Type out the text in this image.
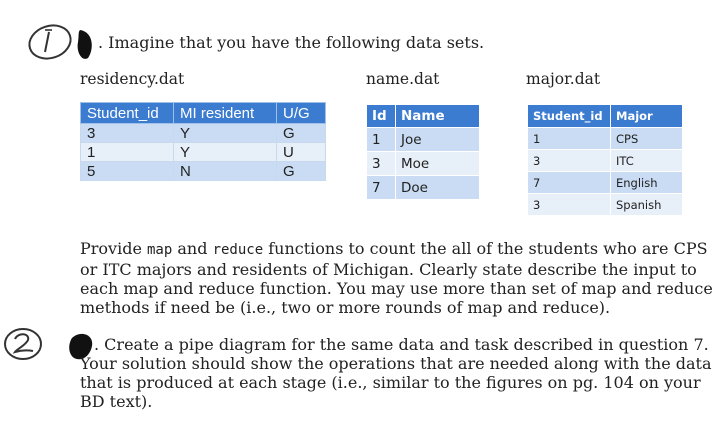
. Imagine that you have the following data sets.
residency.dat	name.dat	major.dat
Student_id	MI resident	U/G
3	Y	G
1	Y	U
5	N	G
Id	Name
1	Joe
3	Moe
7	Doe
Student_id	Major
1	CPS
3	ITC
7	English
3	Spanish
Provide map and reduce functions to count the all of the students who are CPS
or ITC majors and residents of Michigan. Clearly state describe the input to
each map and reduce function. You may use more than set of map and reduce
methods if need be (i.e., two or more rounds of map and reduce).
. Create a pipe diagram for the same data and task described in question 7.
Your solution should show the operations that are needed along with the data
that is produced at each stage (i.e., similar to the figures on pg. 104 on your
BD text).
